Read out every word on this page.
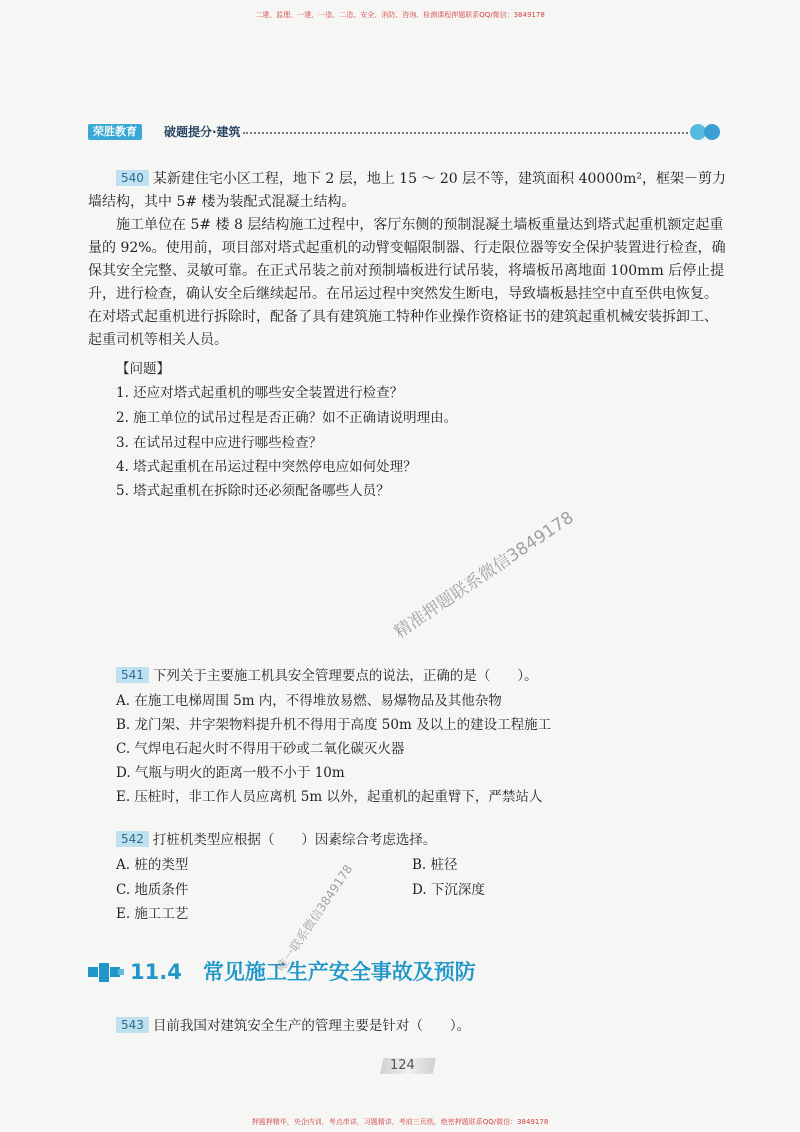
二建、监理、一建、一造、二造、安全、消防、咨询、检测课程押题联系QQ/微信：3849178
荣胜教育	破题提分·建筑
540 某新建住宅小区工程，地下 2 层，地上 15 ～ 20 层不等，建筑面积 40000m²，框架－剪力墙结构，其中 5# 楼为装配式混凝土结构。
施工单位在 5# 楼 8 层结构施工过程中，客厅东侧的预制混凝土墙板重量达到塔式起重机额定起重量的 92%。使用前，项目部对塔式起重机的动臂变幅限制器、行走限位器等安全保护装置进行检查，确保其安全完整、灵敏可靠。在正式吊装之前对预制墙板进行试吊装，将墙板吊离地面 100mm 后停止提升，进行检查，确认安全后继续起吊。在吊运过程中突然发生断电，导致墙板悬挂空中直至供电恢复。在对塔式起重机进行拆除时，配备了具有建筑施工特种作业操作资格证书的建筑起重机械安装拆卸工、起重司机等相关人员。
【问题】
1. 还应对塔式起重机的哪些安全装置进行检查？
2. 施工单位的试吊过程是否正确？如不正确请说明理由。
3. 在试吊过程中应进行哪些检查？
4. 塔式起重机在吊运过程中突然停电应如何处理？
5. 塔式起重机在拆除时还必须配备哪些人员？
541 下列关于主要施工机具安全管理要点的说法，正确的是（　　）。
A. 在施工电梯周围 5m 内，不得堆放易燃、易爆物品及其他杂物
B. 龙门架、井字架物料提升机不得用于高度 50m 及以上的建设工程施工
C. 气焊电石起火时不得用干砂或二氧化碳灭火器
D. 气瓶与明火的距离一般不小于 10m
E. 压桩时，非工作人员应离机 5m 以外，起重机的起重臂下，严禁站人
542 打桩机类型应根据（　　）因素综合考虑选择。
A. 桩的类型	B. 桩径
C. 地质条件	D. 下沉深度
E. 施工工艺
11.4　常见施工生产安全事故及预防
543 目前我国对建筑安全生产的管理主要是针对（　　）。
精准押题联系微信3849178
唯一联系微信3849178
124
押题押精华，央企内训，考点串讲，习题精讲，考前三页纸，绝密押题联系QQ/微信：3849178
